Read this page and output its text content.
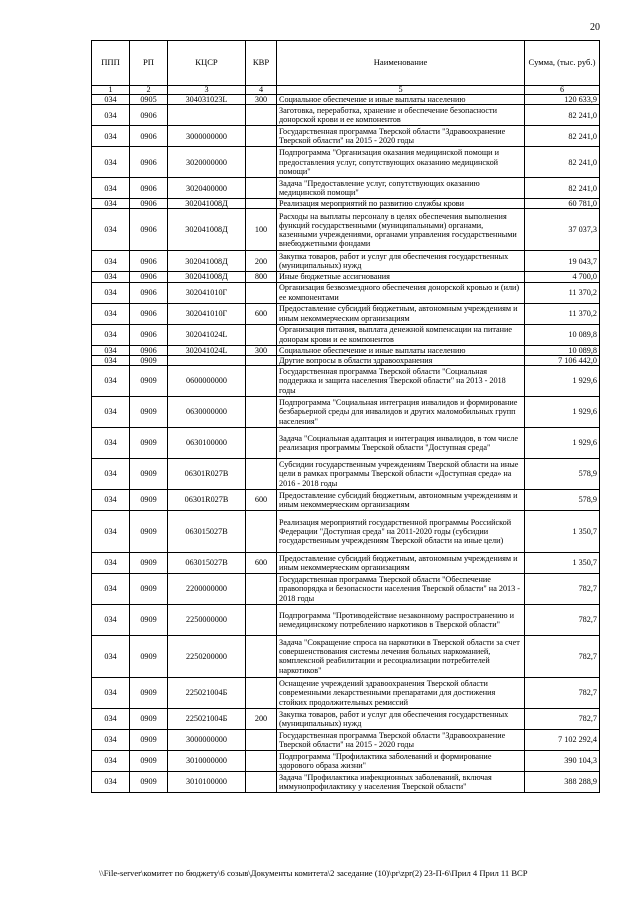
20
ППП	РП	КЦСР	КВР	Наименование	Сумма, (тыс. руб.)
1	2	3	4	5	6
034	0905	304031023L	300	Социальное обеспечение и иные выплаты населению	120 633,9
034	0906			Заготовка, переработка, хранение и обеспечение безопасности донорской крови и ее компонентов	82 241,0
034	0906	3000000000		Государственная программа Тверской области "Здравоохранение Тверской области" на 2015 - 2020 годы	82 241,0
034	0906	3020000000		Подпрограмма "Организация оказания медицинской помощи и предоставления услуг, сопутствующих оказанию медицинской помощи"	82 241,0
034	0906	3020400000		Задача "Предоставление услуг, сопутствующих оказанию медицинской помощи"	82 241,0
034	0906	302041008Д		Реализация мероприятий по развитию службы крови	60 781,0
034	0906	302041008Д	100	Расходы на выплаты персоналу в целях обеспечения выполнения функций государственными (муниципальными) органами, казенными учреждениями, органами управления государственными внебюджетными фондами	37 037,3
034	0906	302041008Д	200	Закупка товаров, работ и услуг для обеспечения государственных (муниципальных) нужд	19 043,7
034	0906	302041008Д	800	Иные бюджетные ассигнования	4 700,0
034	0906	302041010Г		Организация безвозмездного обеспечения донорской кровью и (или) ее компонентами	11 370,2
034	0906	302041010Г	600	Предоставление субсидий бюджетным, автономным учреждениям и иным некоммерческим организациям	11 370,2
034	0906	302041024L		Организация питания, выплата денежной компенсации на питание донорам крови и ее компонентов	10 089,8
034	0906	302041024L	300	Социальное обеспечение и иные выплаты населению	10 089,8
034	0909			Другие вопросы в области здравоохранения	7 106 442,0
034	0909	0600000000		Государственная программа Тверской области "Социальная поддержка и защита населения Тверской области" на 2013 - 2018 годы	1 929,6
034	0909	0630000000		Подпрограмма "Социальная интеграция инвалидов и формирование безбарьерной среды для инвалидов и других маломобильных групп населения"	1 929,6
034	0909	0630100000		Задача "Социальная адаптация и интеграция инвалидов, в том числе реализация программы Тверской области "Доступная среда"	1 929,6
034	0909	06301R027В		Субсидии государственным учреждениям Тверской области на иные цели в рамках программы Тверской области «Доступная среда» на 2016 - 2018 годы	578,9
034	0909	06301R027В	600	Предоставление субсидий бюджетным, автономным учреждениям и иным некоммерческим организациям	578,9
034	0909	063015027В		Реализация мероприятий государственной программы Российской Федерации "Доступная среда" на 2011-2020 годы (субсидии государственным учреждениям Тверской области на иные цели)	1 350,7
034	0909	063015027В	600	Предоставление субсидий бюджетным, автономным учреждениям и иным некоммерческим организациям	1 350,7
034	0909	2200000000		Государственная программа Тверской области "Обеспечение правопорядка и безопасности населения Тверской области" на 2013 - 2018 годы	782,7
034	0909	2250000000		Подпрограмма "Противодействие незаконному распространению и немедицинскому потреблению наркотиков в Тверской области"	782,7
034	0909	2250200000		Задача "Сокращение спроса на наркотики в Тверской области за счет совершенствования системы лечения больных наркоманией, комплексной реабилитации и ресоциализации потребителей наркотиков"	782,7
034	0909	225021004Б		Оснащение учреждений здравоохранения Тверской области современными лекарственными препаратами для достижения стойких продолжительных ремиссий	782,7
034	0909	225021004Б	200	Закупка товаров, работ и услуг для обеспечения государственных (муниципальных) нужд	782,7
034	0909	3000000000		Государственная программа Тверской области "Здравоохранение Тверской области" на 2015 - 2020 годы	7 102 292,4
034	0909	3010000000		Подпрограмма "Профилактика заболеваний и формирование здорового образа жизни"	390 104,3
034	0909	3010100000		Задача "Профилактика инфекционных заболеваний, включая иммунопрофилактику у населения Тверской области"	388 288,9
\\File-server\комитет по бюджету\6 созыв\Документы комитета\2 заседание (10)\pr\zpr(2) 23-П-6\Прил 4 Прил 11 ВСР
